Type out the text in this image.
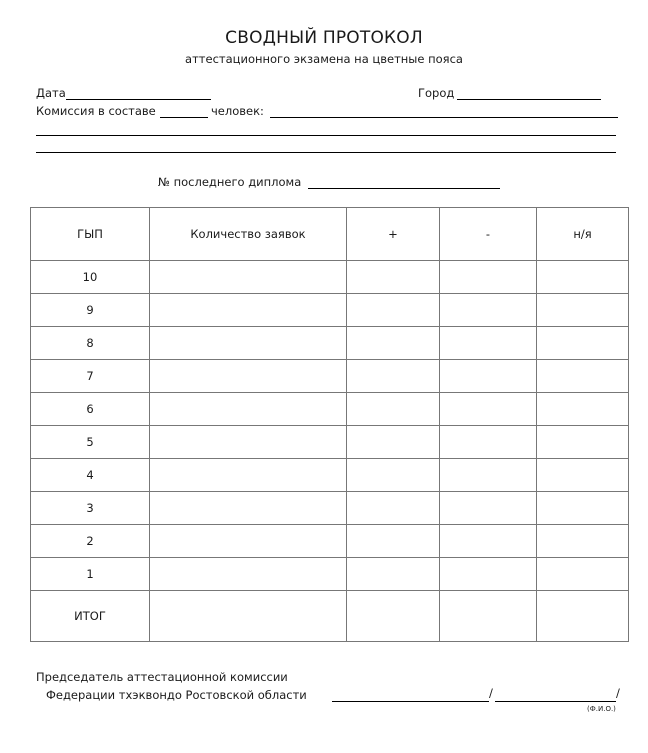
СВОДНЫЙ ПРОТОКОЛ
аттестационного экзамена на цветные пояса
Дата	Город
Комиссия в составе	человек:
№ последнего диплома
ГЫП	Количество заявок	+	-	н/я
10				
9				
8				
7				
6				
5				
4				
3				
2				
1				
ИТОГ				
Председатель аттестационной комиссии
Федерации тхэквондо Ростовской области	/	/
(Ф.И.О.)
